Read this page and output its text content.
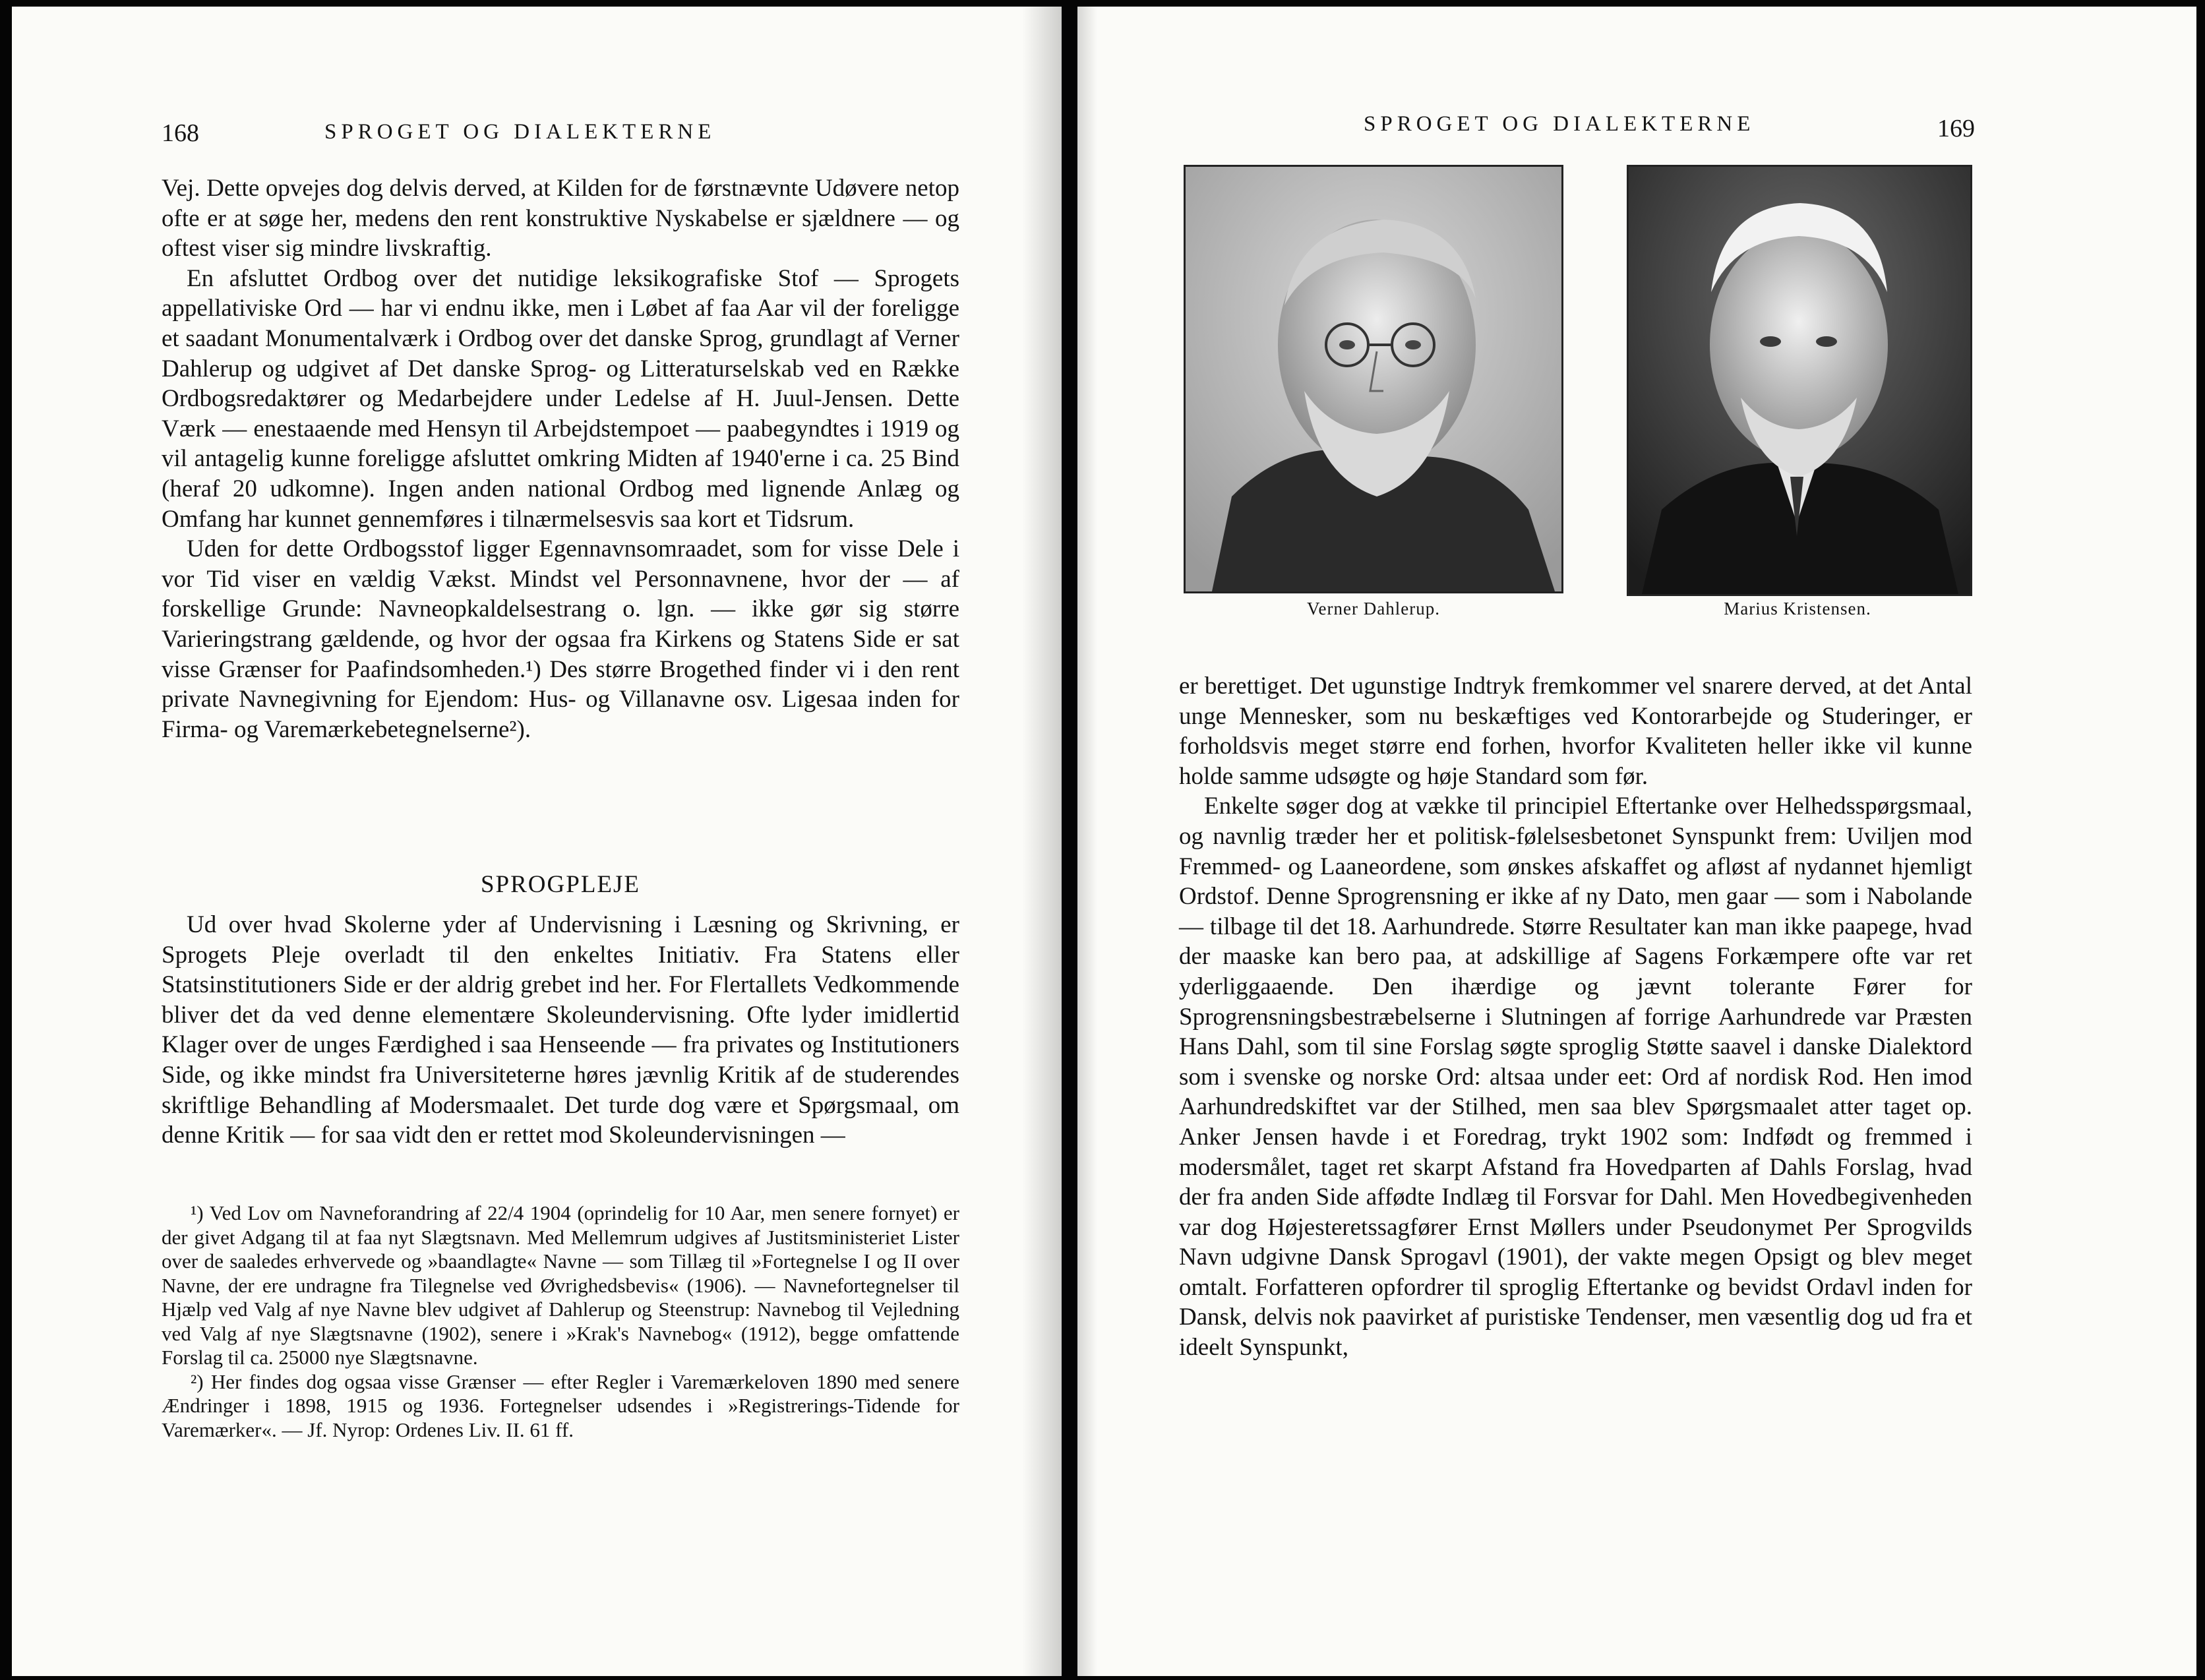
168	SPROGET OG DIALEKTERNE

Vej. Dette opvejes dog delvis derved, at Kilden for de førstnævnte Udøvere netop ofte er at søge her, medens den rent konstruktive Nyskabelse er sjældnere — og oftest viser sig mindre livskraftig.

En afsluttet Ordbog over det nutidige leksikografiske Stof — Sprogets appellativiske Ord — har vi endnu ikke, men i Løbet af faa Aar vil der foreligge et saadant Monumentalværk i Ordbog over det danske Sprog, grundlagt af Verner Dahlerup og udgivet af Det danske Sprog- og Litteraturselskab ved en Række Ordbogsredaktører og Medarbejdere under Ledelse af H. Juul-Jensen. Dette Værk — enestaaende med Hensyn til Arbejdstempoet — paabegyndtes i 1919 og vil antagelig kunne foreligge afsluttet omkring Midten af 1940'erne i ca. 25 Bind (heraf 20 udkomne). Ingen anden national Ordbog med lignende Anlæg og Omfang har kunnet gennemføres i tilnærmelsesvis saa kort et Tidsrum.

Uden for dette Ordbogsstof ligger Egennavnsomraadet, som for visse Dele i vor Tid viser en vældig Vækst. Mindst vel Personnavnene, hvor der — af forskellige Grunde: Navneopkaldelsestrang o. lgn. — ikke gør sig større Varieringstrang gældende, og hvor der ogsaa fra Kirkens og Statens Side er sat visse Grænser for Paafindsomheden.¹) Des større Brogethed finder vi i den rent private Navnegivning for Ejendom: Hus- og Villanavne osv. Ligesaa inden for Firma- og Varemærkebetegnelserne²).

SPROGPLEJE

Ud over hvad Skolerne yder af Undervisning i Læsning og Skrivning, er Sprogets Pleje overladt til den enkeltes Initiativ. Fra Statens eller Statsinstitutioners Side er der aldrig grebet ind her. For Flertallets Vedkommende bliver det da ved denne elementære Skoleundervisning. Ofte lyder imidlertid Klager over de unges Færdighed i saa Henseende — fra privates og Institutioners Side, og ikke mindst fra Universiteterne høres jævnlig Kritik af de studerendes skriftlige Behandling af Modersmaalet. Det turde dog være et Spørgsmaal, om denne Kritik — for saa vidt den er rettet mod Skoleundervisningen —

¹) Ved Lov om Navneforandring af 22/4 1904 (oprindelig for 10 Aar, men senere fornyet) er der givet Adgang til at faa nyt Slægtsnavn. Med Mellemrum udgives af Justitsministeriet Lister over de saaledes erhvervede og »baandlagte« Navne — som Tillæg til »Fortegnelse I og II over Navne, der ere undragne fra Tilegnelse ved Øvrighedsbevis« (1906). — Navnefortegnelser til Hjælp ved Valg af nye Navne blev udgivet af Dahlerup og Steenstrup: Navnebog til Vejledning ved Valg af nye Slægtsnavne (1902), senere i »Krak's Navnebog« (1912), begge omfattende Forslag til ca. 25000 nye Slægtsnavne.

²) Her findes dog ogsaa visse Grænser — efter Regler i Varemærkeloven 1890 med senere Ændringer i 1898, 1915 og 1936. Fortegnelser udsendes i »Registrerings-Tidende for Varemærker«. — Jf. Nyrop: Ordenes Liv. II. 61 ff.

SPROGET OG DIALEKTERNE	169
Verner Dahlerup.	Marius Kristensen.

er berettiget. Det ugunstige Indtryk fremkommer vel snarere derved, at det Antal unge Mennesker, som nu beskæftiges ved Kontorarbejde og Studeringer, er forholdsvis meget større end forhen, hvorfor Kvaliteten heller ikke vil kunne holde samme udsøgte og høje Standard som før.

Enkelte søger dog at vække til principiel Eftertanke over Helhedsspørgsmaal, og navnlig træder her et politisk-følelsesbetonet Synspunkt frem: Uviljen mod Fremmed- og Laaneordene, som ønskes afskaffet og afløst af nydannet hjemligt Ordstof. Denne Sprogrensning er ikke af ny Dato, men gaar — som i Nabolande — tilbage til det 18. Aarhundrede. Større Resultater kan man ikke paapege, hvad der maaske kan bero paa, at adskillige af Sagens Forkæmpere ofte var ret yderliggaaende. Den ihærdige og jævnt tolerante Fører for Sprogrensningsbestræbelserne i Slutningen af forrige Aarhundrede var Præsten Hans Dahl, som til sine Forslag søgte sproglig Støtte saavel i danske Dialektord som i svenske og norske Ord: altsaa under eet: Ord af nordisk Rod. Hen imod Aarhundredskiftet var der Stilhed, men saa blev Spørgsmaalet atter taget op. Anker Jensen havde i et Foredrag, trykt 1902 som: Indfødt og fremmed i modersmålet, taget ret skarpt Afstand fra Hovedparten af Dahls Forslag, hvad der fra anden Side affødte Indlæg til Forsvar for Dahl. Men Hovedbegivenheden var dog Højesteretssagfører Ernst Møllers under Pseudonymet Per Sprogvilds Navn udgivne Dansk Sprogavl (1901), der vakte megen Opsigt og blev meget omtalt. Forfatteren opfordrer til sproglig Eftertanke og bevidst Ordavl inden for Dansk, delvis nok paavirket af puristiske Tendenser, men væsentlig dog ud fra et ideelt Synspunkt,
